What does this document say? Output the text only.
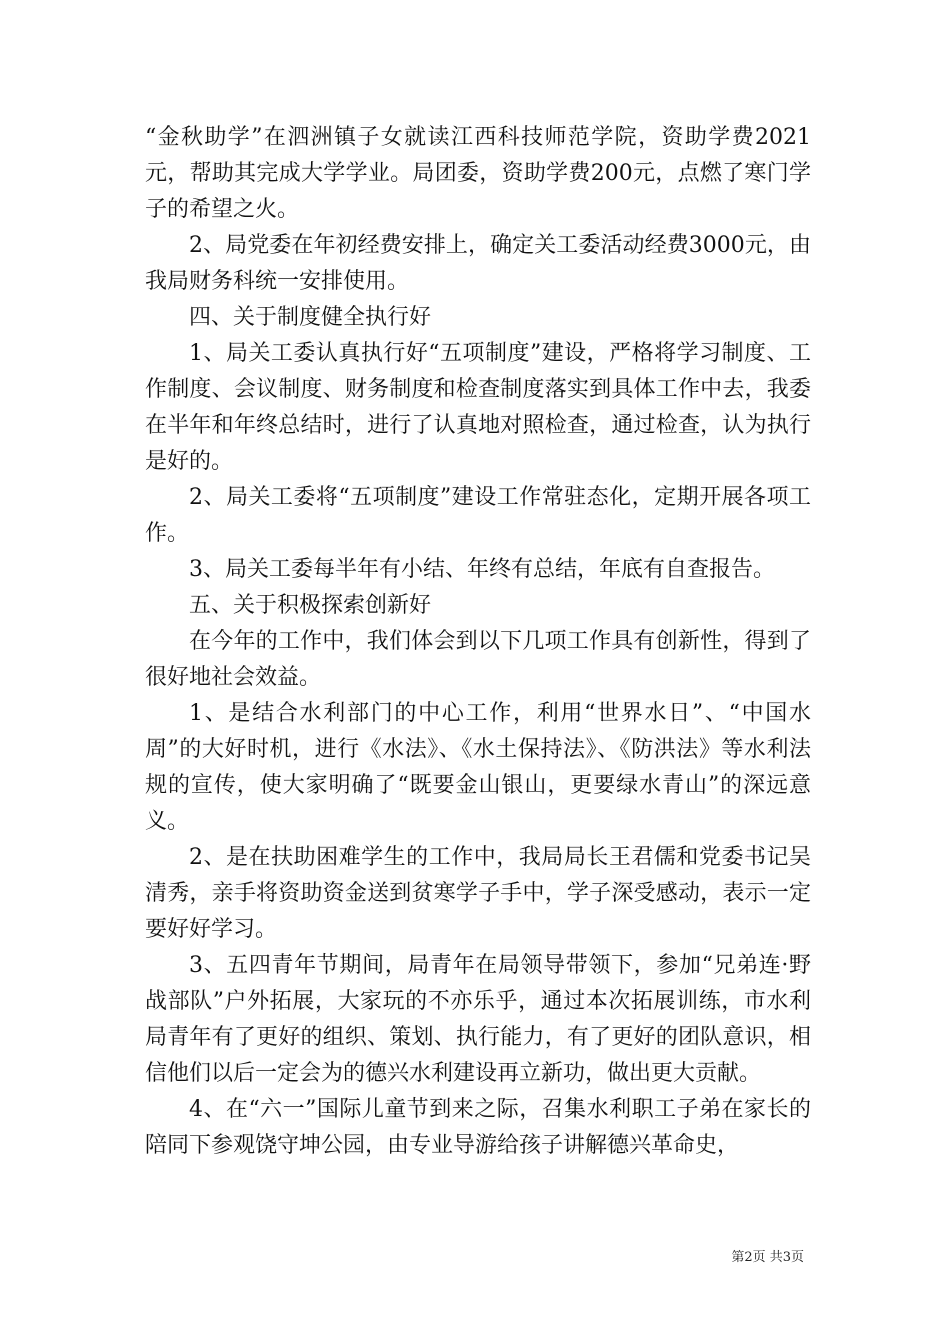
“金秋助学”在泗洲镇子女就读江西科技师范学院，资助学费2021元，帮助其完成大学学业。局团委，资助学费200元，点燃了寒门学子的希望之火。

2、局党委在年初经费安排上，确定关工委活动经费3000元，由我局财务科统一安排使用。

四、关于制度健全执行好

1、局关工委认真执行好“五项制度”建设，严格将学习制度、工作制度、会议制度、财务制度和检查制度落实到具体工作中去，我委在半年和年终总结时，进行了认真地对照检查，通过检查，认为执行是好的。

2、局关工委将“五项制度”建设工作常驻态化，定期开展各项工作。

3、局关工委每半年有小结、年终有总结，年底有自查报告。

五、关于积极探索创新好

在今年的工作中，我们体会到以下几项工作具有创新性，得到了很好地社会效益。

1、是结合水利部门的中心工作，利用“世界水日”、“中国水周”的大好时机，进行《水法》、《水土保持法》、《防洪法》等水利法规的宣传，使大家明确了“既要金山银山，更要绿水青山”的深远意义。

2、是在扶助困难学生的工作中，我局局长王君儒和党委书记吴清秀，亲手将资助资金送到贫寒学子手中，学子深受感动，表示一定要好好学习。

3、五四青年节期间，局青年在局领导带领下，参加“兄弟连·野战部队”户外拓展，大家玩的不亦乐乎，通过本次拓展训练，市水利局青年有了更好的组织、策划、执行能力，有了更好的团队意识，相信他们以后一定会为的德兴水利建设再立新功，做出更大贡献。

4、在“六一”国际儿童节到来之际，召集水利职工子弟在家长的陪同下参观饶守坤公园，由专业导游给孩子讲解德兴革命史，

第2页 共3页
